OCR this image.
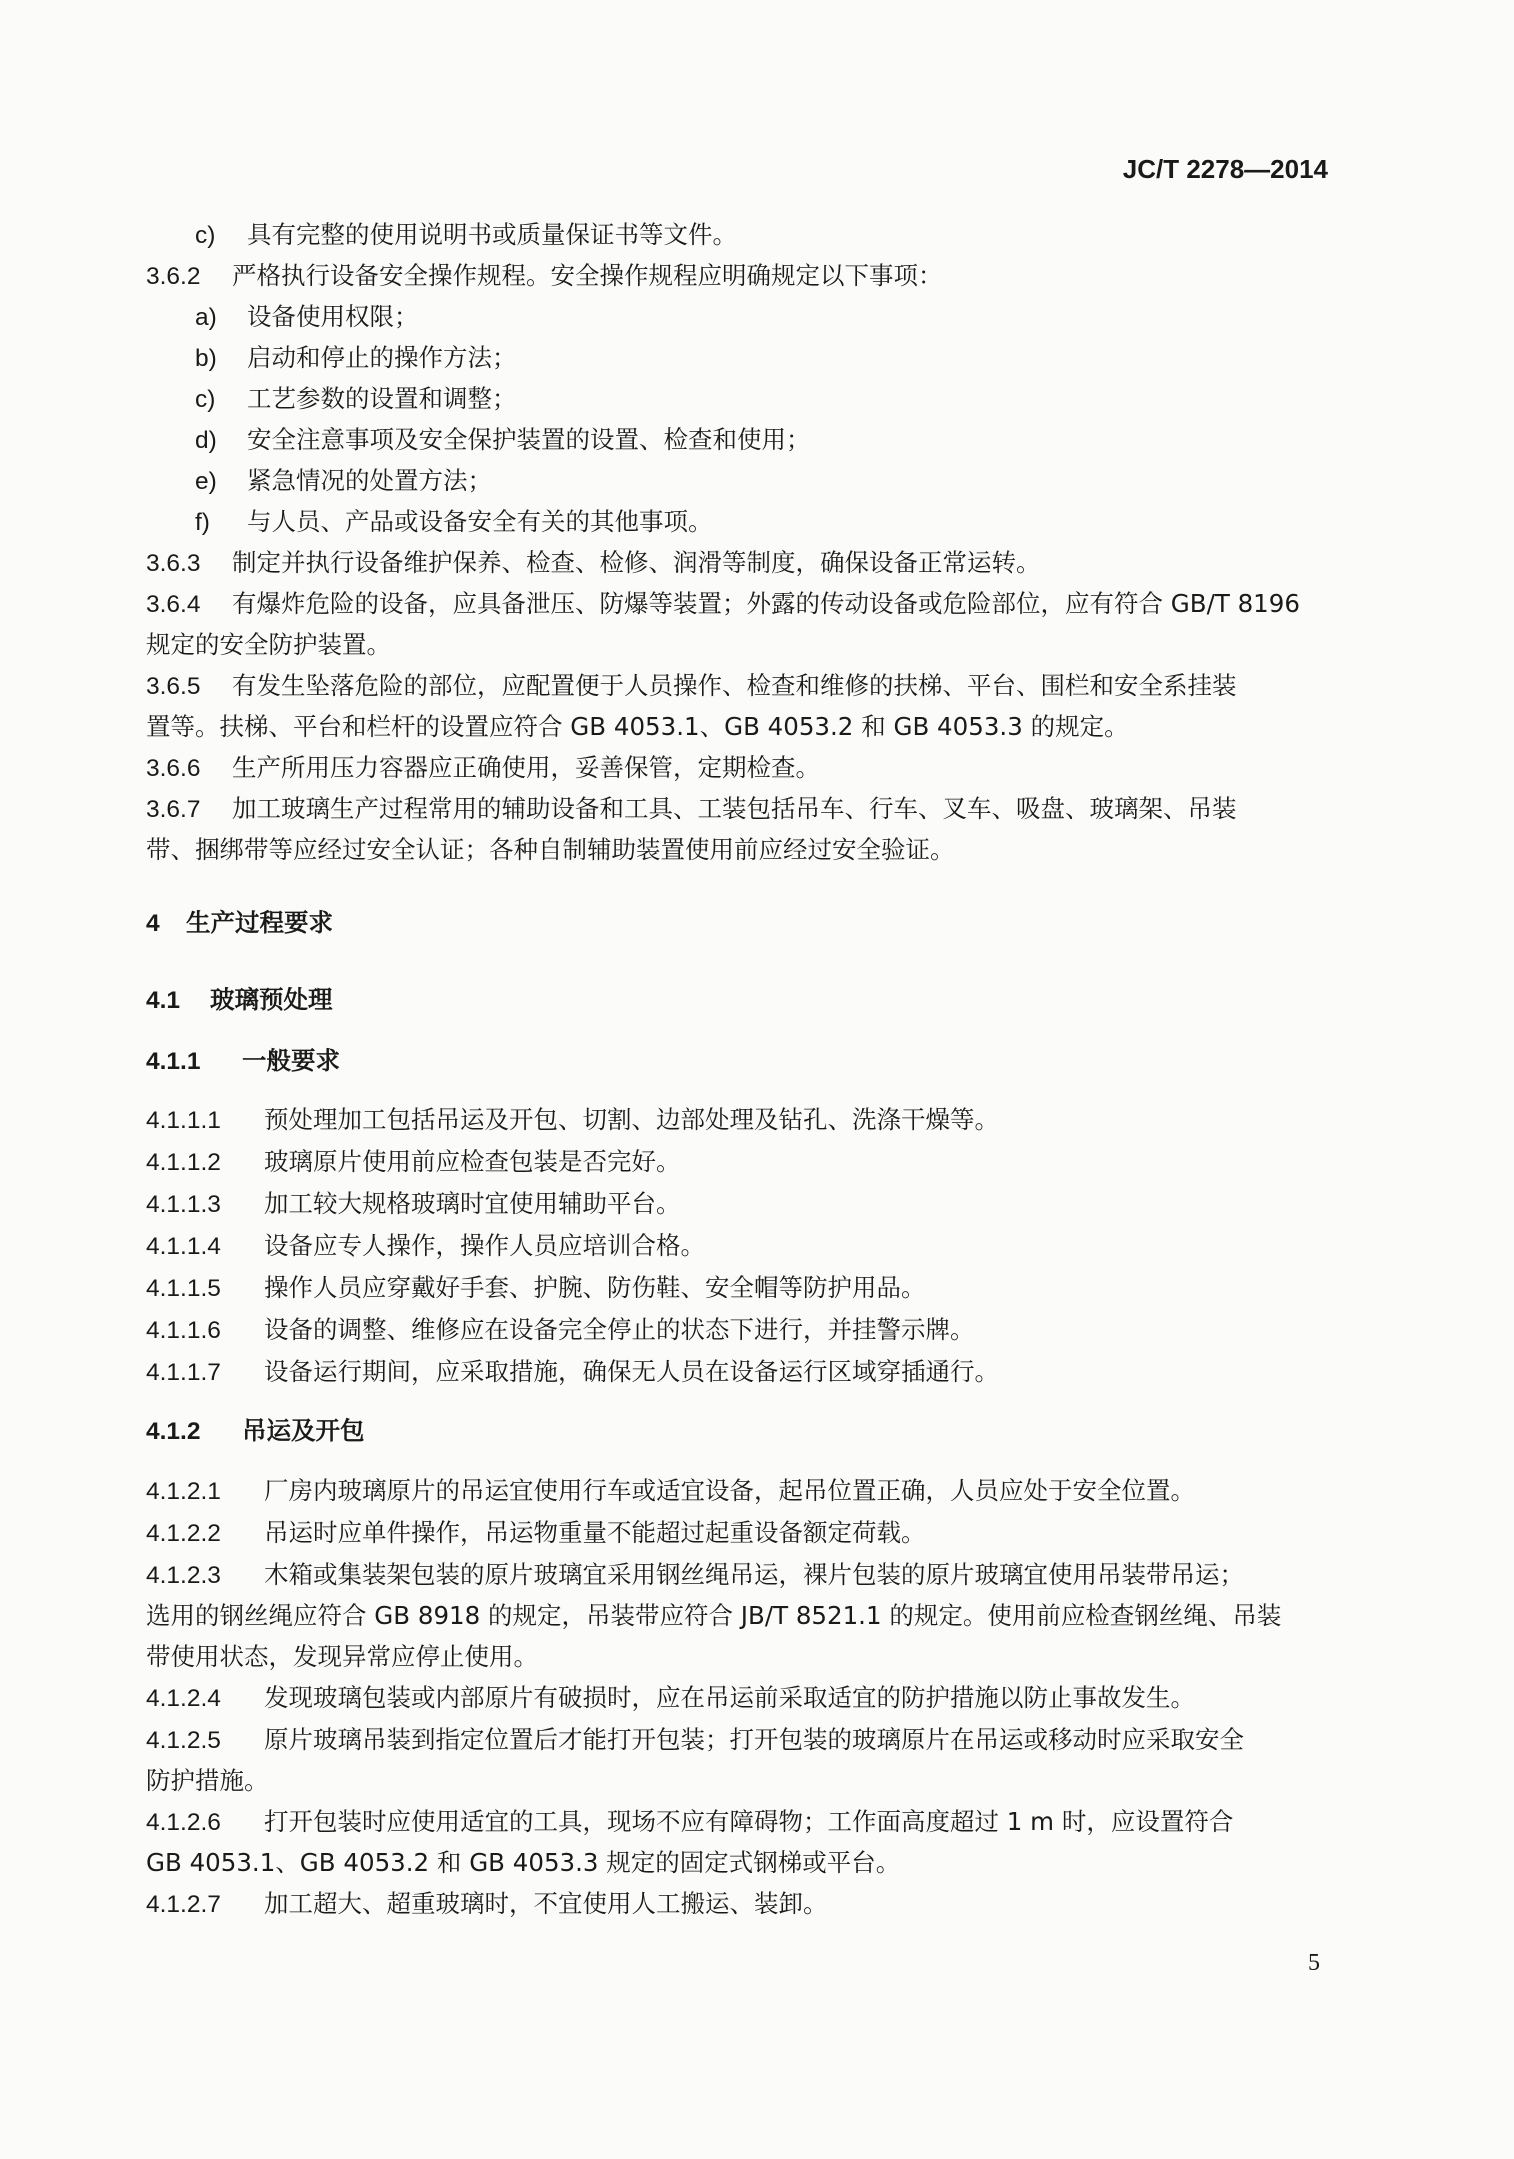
JC/T 2278—2014
c) 具有完整的使用说明书或质量保证书等文件。
3.6.2 严格执行设备安全操作规程。安全操作规程应明确规定以下事项：
a) 设备使用权限；
b) 启动和停止的操作方法；
c) 工艺参数的设置和调整；
d) 安全注意事项及安全保护装置的设置、检查和使用；
e) 紧急情况的处置方法；
f) 与人员、产品或设备安全有关的其他事项。
3.6.3 制定并执行设备维护保养、检查、检修、润滑等制度，确保设备正常运转。
3.6.4 有爆炸危险的设备，应具备泄压、防爆等装置；外露的传动设备或危险部位，应有符合 GB/T 8196
规定的安全防护装置。
3.6.5 有发生坠落危险的部位，应配置便于人员操作、检查和维修的扶梯、平台、围栏和安全系挂装
置等。扶梯、平台和栏杆的设置应符合 GB 4053.1、GB 4053.2 和 GB 4053.3 的规定。
3.6.6 生产所用压力容器应正确使用，妥善保管，定期检查。
3.6.7 加工玻璃生产过程常用的辅助设备和工具、工装包括吊车、行车、叉车、吸盘、玻璃架、吊装
带、捆绑带等应经过安全认证；各种自制辅助装置使用前应经过安全验证。
4 生产过程要求
4.1 玻璃预处理
4.1.1 一般要求
4.1.1.1 预处理加工包括吊运及开包、切割、边部处理及钻孔、洗涤干燥等。
4.1.1.2 玻璃原片使用前应检查包装是否完好。
4.1.1.3 加工较大规格玻璃时宜使用辅助平台。
4.1.1.4 设备应专人操作，操作人员应培训合格。
4.1.1.5 操作人员应穿戴好手套、护腕、防伤鞋、安全帽等防护用品。
4.1.1.6 设备的调整、维修应在设备完全停止的状态下进行，并挂警示牌。
4.1.1.7 设备运行期间，应采取措施，确保无人员在设备运行区域穿插通行。
4.1.2 吊运及开包
4.1.2.1 厂房内玻璃原片的吊运宜使用行车或适宜设备，起吊位置正确，人员应处于安全位置。
4.1.2.2 吊运时应单件操作，吊运物重量不能超过起重设备额定荷载。
4.1.2.3 木箱或集装架包装的原片玻璃宜采用钢丝绳吊运，裸片包装的原片玻璃宜使用吊装带吊运；
选用的钢丝绳应符合 GB 8918 的规定，吊装带应符合 JB/T 8521.1 的规定。使用前应检查钢丝绳、吊装
带使用状态，发现异常应停止使用。
4.1.2.4 发现玻璃包装或内部原片有破损时，应在吊运前采取适宜的防护措施以防止事故发生。
4.1.2.5 原片玻璃吊装到指定位置后才能打开包装；打开包装的玻璃原片在吊运或移动时应采取安全
防护措施。
4.1.2.6 打开包装时应使用适宜的工具，现场不应有障碍物；工作面高度超过 1 m 时，应设置符合
GB 4053.1、GB 4053.2 和 GB 4053.3 规定的固定式钢梯或平台。
4.1.2.7 加工超大、超重玻璃时，不宜使用人工搬运、装卸。
5
